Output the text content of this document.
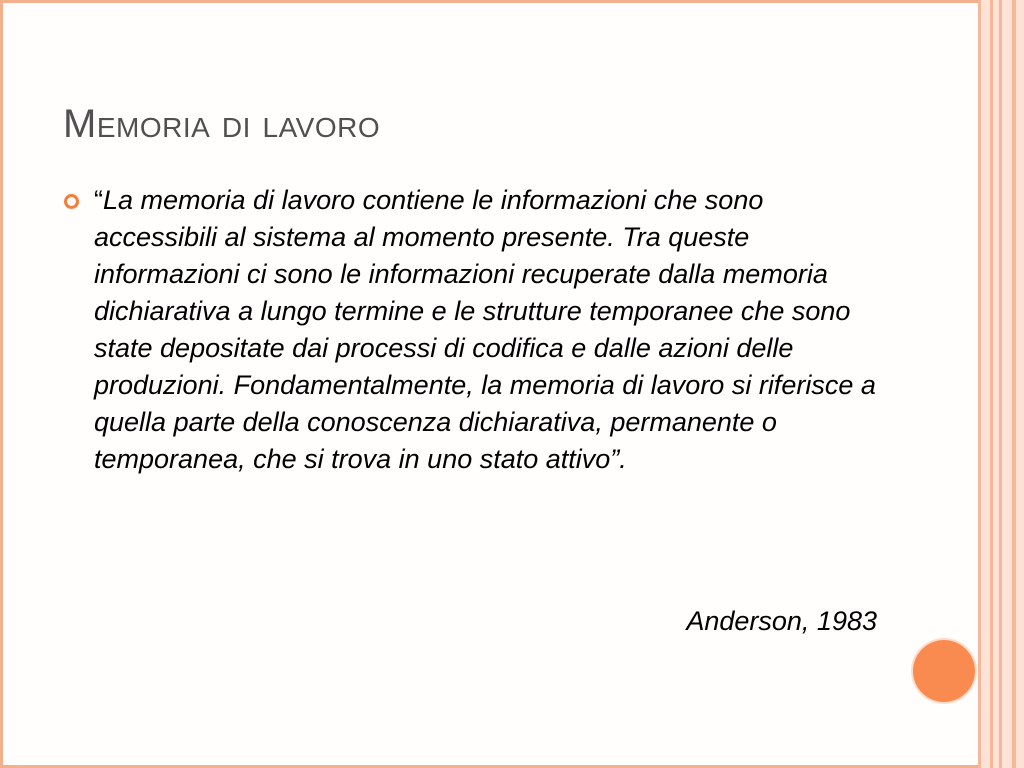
Memoria di lavoro
“La memoria di lavoro contiene le informazioni che sono accessibili al sistema al momento presente. Tra queste informazioni ci sono le informazioni recuperate dalla memoria dichiarativa a lungo termine e le strutture temporanee che sono state depositate dai processi di codifica e dalle azioni delle produzioni. Fondamentalmente, la memoria di lavoro si riferisce a quella parte della conoscenza dichiarativa, permanente o temporanea, che si trova in uno stato attivo”.
Anderson, 1983
